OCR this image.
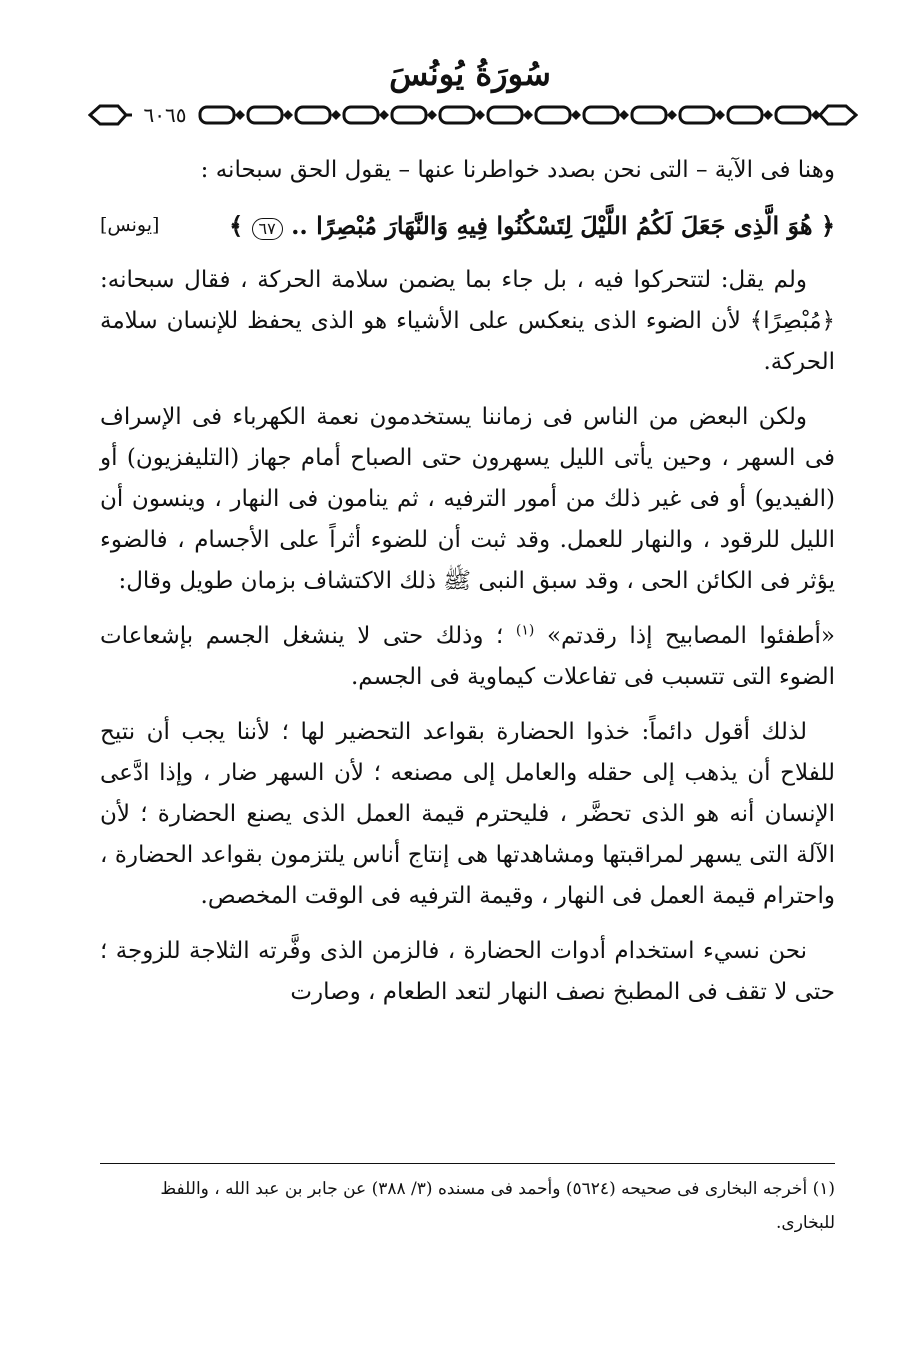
سُورَةُ يُونُسَ
٦٠٦٥

وهنا فى الآية – التى نحن بصدد خواطرنا عنها – يقول الحق سبحانه :

﴿ هُوَ الَّذِى جَعَلَ لَكُمُ اللَّيْلَ لِتَسْكُنُوا فِيهِ وَالنَّهَارَ مُبْصِرًا .. ٦٧ ﴾
[يونس]

ولم يقل: لتتحركوا فيه ، بل جاء بما يضمن سلامة الحركة ، فقال سبحانه: ﴿مُبْصِرًا﴾ لأن الضوء الذى ينعكس على الأشياء هو الذى يحفظ للإنسان سلامة الحركة.

ولكن البعض من الناس فى زماننا يستخدمون نعمة الكهرباء فى الإسراف فى السهر ، وحين يأتى الليل يسهرون حتى الصباح أمام جهاز (التليفزيون) أو (الفيديو) أو فى غير ذلك من أمور الترفيه ، ثم ينامون فى النهار ، وينسون أن الليل للرقود ، والنهار للعمل. وقد ثبت أن للضوء أثراً على الأجسام ، فالضوء يؤثر فى الكائن الحى ، وقد سبق النبى ﷺ ذلك الاكتشاف بزمان طويل وقال:

«أطفئوا المصابيح إذا رقدتم» $^{(١)}$ ؛ وذلك حتى لا ينشغل الجسم بإشعاعات الضوء التى تتسبب فى تفاعلات كيماوية فى الجسم.

لذلك أقول دائماً: خذوا الحضارة بقواعد التحضير لها ؛ لأننا يجب أن نتيح للفلاح أن يذهب إلى حقله والعامل إلى مصنعه ؛ لأن السهر ضار ، وإذا ادَّعى الإنسان أنه هو الذى تحضَّر ، فليحترم قيمة العمل الذى يصنع الحضارة ؛ لأن الآلة التى يسهر لمراقبتها ومشاهدتها هى إنتاج أناس يلتزمون بقواعد الحضارة ، واحترام قيمة العمل فى النهار ، وقيمة الترفيه فى الوقت المخصص.

نحن نسيء استخدام أدوات الحضارة ، فالزمن الذى وفَّرته الثلاجة للزوجة ؛ حتى لا تقف فى المطبخ نصف النهار لتعد الطعام ، وصارت

(١) أخرجه البخارى فى صحيحه (٥٦٢٤) وأحمد فى مسنده (٣/ ٣٨٨) عن جابر بن عبد الله ، واللفظ للبخارى.
